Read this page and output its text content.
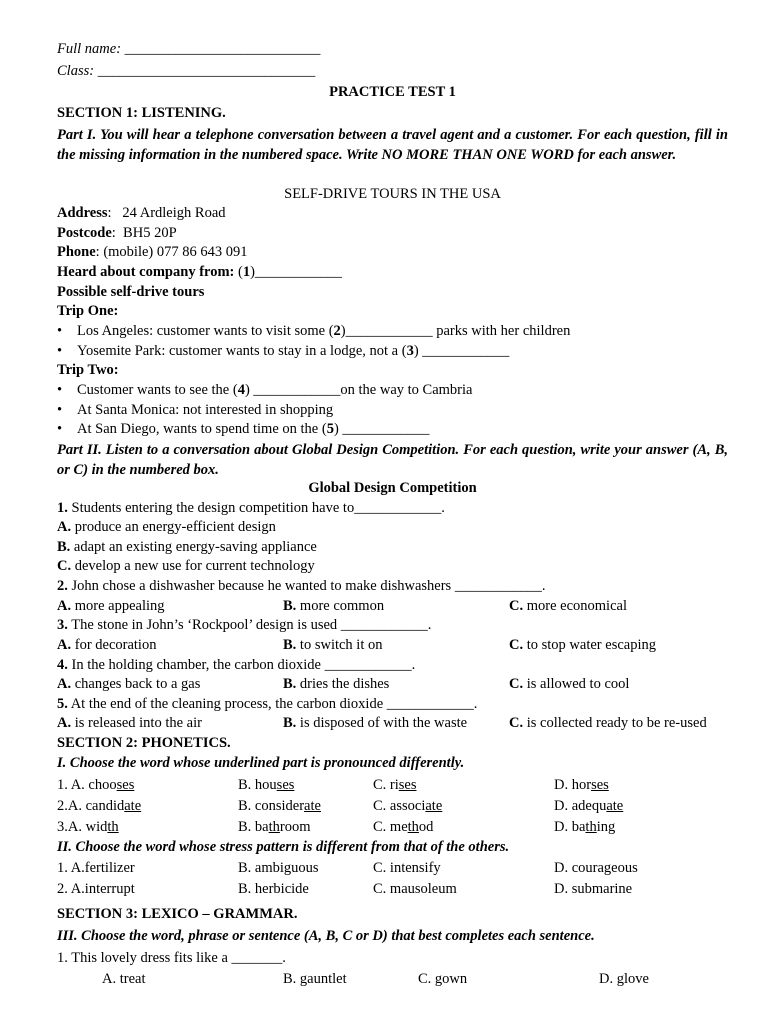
Full name: ___________________________
Class: ______________________________
PRACTICE TEST 1
SECTION 1: LISTENING.
Part I. You will hear a telephone conversation between a travel agent and a customer. For each question, fill in the missing information in the numbered space. Write NO MORE THAN ONE WORD for each answer.
SELF-DRIVE TOURS IN THE USA
Address:   24 Ardleigh Road
Postcode:  BH5 20P
Phone: (mobile) 077 86 643 091
Heard about company from: (1)____________
Possible self-drive tours
Trip One:
• Los Angeles: customer wants to visit some (2)____________ parks with her children
• Yosemite Park: customer wants to stay in a lodge, not a (3) ____________
Trip Two:
• Customer wants to see the (4) ____________on the way to Cambria
• At Santa Monica: not interested in shopping
• At San Diego, wants to spend time on the (5) ____________
Part II. Listen to a conversation about Global Design Competition. For each question, write your answer (A, B, or C) in the numbered box.
Global Design Competition
1. Students entering the design competition have to____________.
A. produce an energy-efficient design
B. adapt an existing energy-saving appliance
C. develop a new use for current technology
2. John chose a dishwasher because he wanted to make dishwashers ____________.
A. more appealing	B. more common	C. more economical
3. The stone in John’s ‘Rockpool’ design is used ____________.
A. for decoration	B. to switch it on	C. to stop water escaping
4. In the holding chamber, the carbon dioxide ____________.
A. changes back to a gas	B. dries the dishes	C. is allowed to cool
5. At the end of the cleaning process, the carbon dioxide ____________.
A. is released into the air	B. is disposed of with the waste	C. is collected ready to be re-used
SECTION 2: PHONETICS.
I. Choose the word whose underlined part is pronounced differently.
1. A. chooses	B. houses	C. rises	D. horses
2.A. candidate	B. considerate	C. associate	D. adequate
3.A. width	B. bathroom	C. method	D. bathing
II. Choose the word whose stress pattern is different from that of the others.
1. A.fertilizer	B. ambiguous	C. intensify	D. courageous
2. A.interrupt	B. herbicide	C. mausoleum	D. submarine
SECTION 3: LEXICO – GRAMMAR.
III. Choose the word, phrase or sentence (A, B, C or D) that best completes each sentence.
1. This lovely dress fits like a _______.
A. treat	B. gauntlet	C. gown	D. glove
